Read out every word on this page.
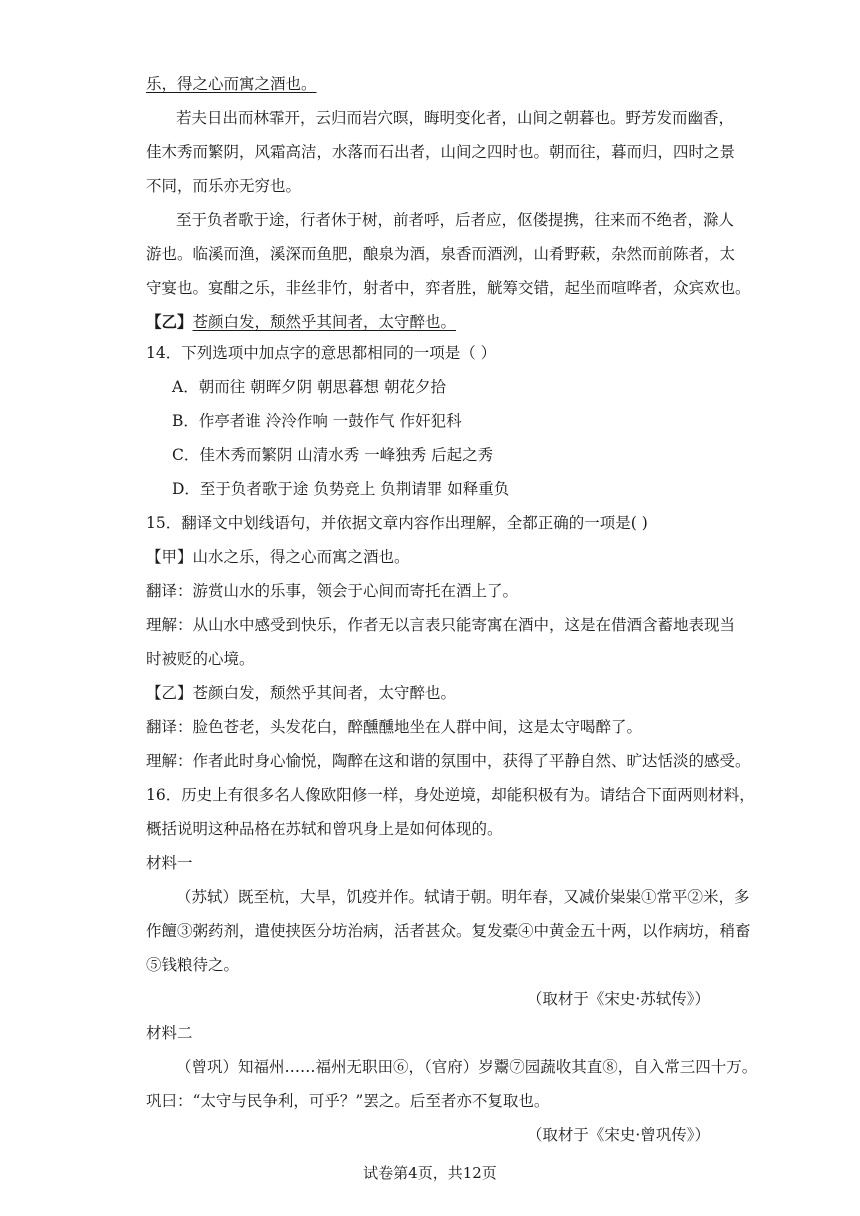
乐，得之心而寓之酒也。
若夫日出而林霏开，云归而岩穴暝，晦明变化者，山间之朝暮也。野芳发而幽香，
佳木秀而繁阴，风霜高洁，水落而石出者，山间之四时也。朝而往，暮而归，四时之景
不同，而乐亦无穷也。
至于负者歌于途，行者休于树，前者呼，后者应，伛偻提携，往来而不绝者，滁人
游也。临溪而渔，溪深而鱼肥，酿泉为酒，泉香而酒洌，山肴野蔌，杂然而前陈者，太
守宴也。宴酣之乐，非丝非竹，射者中，弈者胜，觥筹交错，起坐而喧哗者，众宾欢也。
【乙】苍颜白发，颓然乎其间者，太守醉也。
14．下列选项中加点字的意思都相同的一项是（ ）
A．朝而往 朝晖夕阴 朝思暮想 朝花夕拾
B．作亭者谁 泠泠作响 一鼓作气 作奸犯科
C．佳木秀而繁阴 山清水秀 一峰独秀 后起之秀
D．至于负者歌于途 负势竞上 负荆请罪 如释重负
15．翻译文中划线语句，并依据文章内容作出理解，全都正确的一项是( )
【甲】山水之乐，得之心而寓之酒也。
翻译：游赏山水的乐事，领会于心间而寄托在酒上了。
理解：从山水中感受到快乐，作者无以言表只能寄寓在酒中，这是在借酒含蓄地表现当
时被贬的心境。
【乙】苍颜白发，颓然乎其间者，太守醉也。
翻译：脸色苍老，头发花白，醉醺醺地坐在人群中间，这是太守喝醉了。
理解：作者此时身心愉悦，陶醉在这和谐的氛围中，获得了平静自然、旷达恬淡的感受。
16．历史上有很多名人像欧阳修一样，身处逆境，却能积极有为。请结合下面两则材料，
概括说明这种品格在苏轼和曾巩身上是如何体现的。
材料一
（苏轼）既至杭，大旱，饥疫并作。轼请于朝。明年春，又减价粜粜①常平②米，多
作饘③粥药剂，遣使挟医分坊治病，活者甚众。复发橐④中黄金五十两，以作病坊，稍畜
⑤钱粮待之。
（取材于《宋史·苏轼传》）
材料二
（曾巩）知福州……福州无职田⑥，（官府）岁鬻⑦园蔬收其直⑧，自入常三四十万。
巩曰：“太守与民争利，可乎？”罢之。后至者亦不复取也。
（取材于《宋史·曾巩传》）
试卷第4页，共12页
